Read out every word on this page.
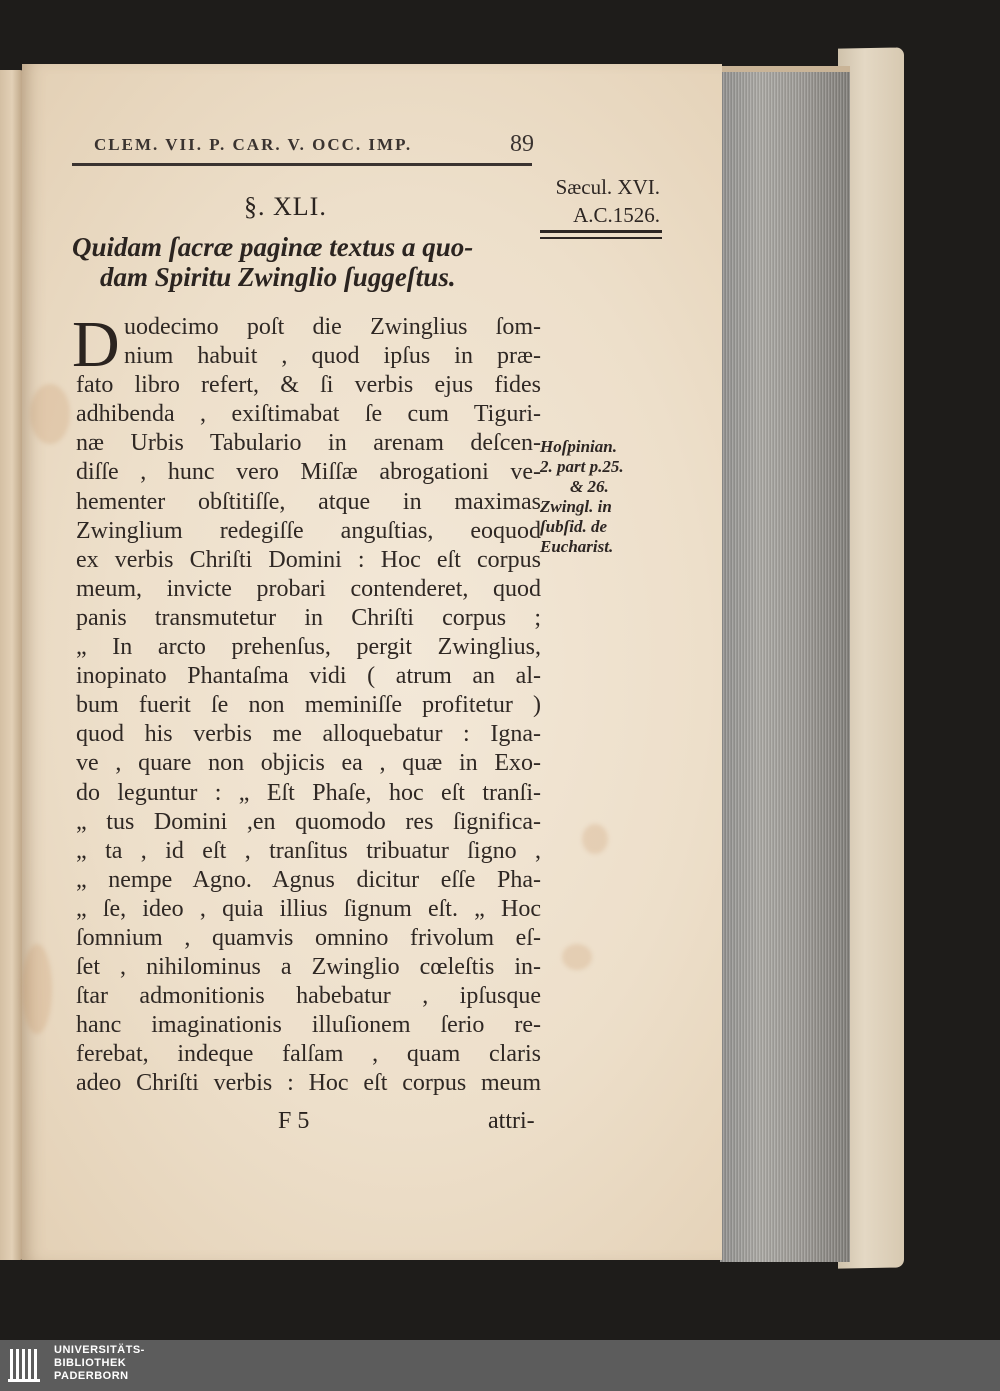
CLEM. VII. P. CAR. V. OCC. IMP.	89
Sæcul. XVI.
A.C.1526.
§. XLI.
Quidam ſacræ paginæ textus a quo-
dam Spiritu Zwinglio ſuggeſtus.
D uodecimo poſt die Zwinglius ſom-
nium habuit , quod ipſus in præ-
fato libro refert, & ſi verbis ejus fides
adhibenda , exiſtimabat ſe cum Tiguri-
næ Urbis Tabulario in arenam deſcen-
diſſe , hunc vero Miſſæ abrogationi ve-
hementer obſtitiſſe, atque in maximas
Zwinglium redegiſſe anguſtias, eoquod
ex verbis Chriſti Domini : Hoc eſt corpus
meum, invicte probari contenderet, quod
panis transmutetur in Chriſti corpus ;
„ In arcto prehenſus, pergit Zwinglius,
inopinato Phantaſma vidi ( atrum an al-
bum fuerit ſe non meminiſſe profitetur )
quod his verbis me alloquebatur : Igna-
ve , quare non objicis ea , quæ in Exo-
do leguntur : „ Eſt Phaſe, hoc eſt tranſi-
„ tus Domini ,en quomodo res ſignifica-
„ ta , id eſt , tranſitus tribuatur ſigno ,
„ nempe Agno. Agnus dicitur eſſe Pha-
„ ſe, ideo , quia illius ſignum eſt. „ Hoc
ſomnium , quamvis omnino frivolum eſ-
ſet , nihilominus a Zwinglio cœleſtis in-
ſtar admonitionis habebatur , ipſusque
hanc imaginationis illuſionem ſerio re-
ferebat, indeque falſam , quam claris
adeo Chriſti verbis : Hoc eſt corpus meum
Hoſpinian.
2. part p.25.
& 26.
Zwingl. in
ſubſid. de
Eucharist.
F 5	attri-
UNIVERSITÄTS-
BIBLIOTHEK
PADERBORN
